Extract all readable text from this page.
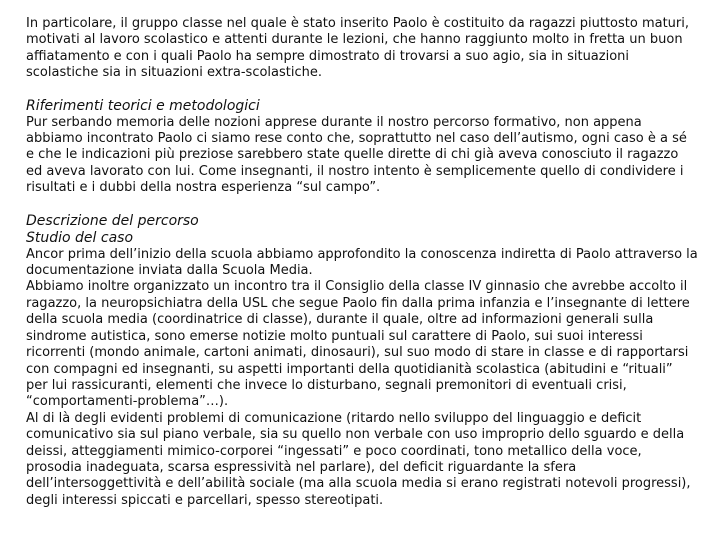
In particolare, il gruppo classe nel quale è stato inserito Paolo è costituito da ragazzi piuttosto maturi, motivati al lavoro scolastico e attenti durante le lezioni, che hanno raggiunto molto in fretta un buon affiatamento e con i quali Paolo ha sempre dimostrato di trovarsi a suo agio, sia in situazioni scolastiche sia in situazioni extra-scolastiche.

Riferimenti teorici e metodologici

Pur serbando memoria delle nozioni apprese durante il nostro percorso formativo, non appena abbiamo incontrato Paolo ci siamo rese conto che, soprattutto nel caso dell’autismo, ogni caso è a sé e che le indicazioni più preziose sarebbero state quelle dirette di chi già aveva conosciuto il ragazzo ed aveva lavorato con lui. Come insegnanti, il nostro intento è semplicemente quello di condividere i risultati e i dubbi della nostra esperienza “sul campo”.

Descrizione del percorso
Studio del caso

Ancor prima dell’inizio della scuola abbiamo approfondito la conoscenza indiretta di Paolo attraverso la documentazione inviata dalla Scuola Media.

Abbiamo inoltre organizzato un incontro tra il Consiglio della classe IV ginnasio che avrebbe accolto il ragazzo, la neuropsichiatra della USL che segue Paolo fin dalla prima infanzia e l’insegnante di lettere della scuola media (coordinatrice di classe), durante il quale, oltre ad informazioni generali sulla sindrome autistica, sono emerse notizie molto puntuali sul carattere di Paolo, sui suoi interessi ricorrenti (mondo animale, cartoni animati, dinosauri), sul suo modo di stare in classe e di rapportarsi con compagni ed insegnanti, su aspetti importanti della quotidianità scolastica (abitudini e “rituali” per lui rassicuranti, elementi che invece lo disturbano, segnali premonitori di eventuali crisi, “comportamenti-problema”…).

Al di là degli evidenti problemi di comunicazione (ritardo nello sviluppo del linguaggio e deficit comunicativo sia sul piano verbale, sia su quello non verbale con uso improprio dello sguardo e della deissi, atteggiamenti mimico-corporei “ingessati” e poco coordinati, tono metallico della voce, prosodia inadeguata, scarsa espressività nel parlare), del deficit riguardante la sfera dell’intersoggettività e dell’abilità sociale (ma alla scuola media si erano registrati notevoli progressi), degli interessi spiccati e parcellari, spesso stereotipati.
